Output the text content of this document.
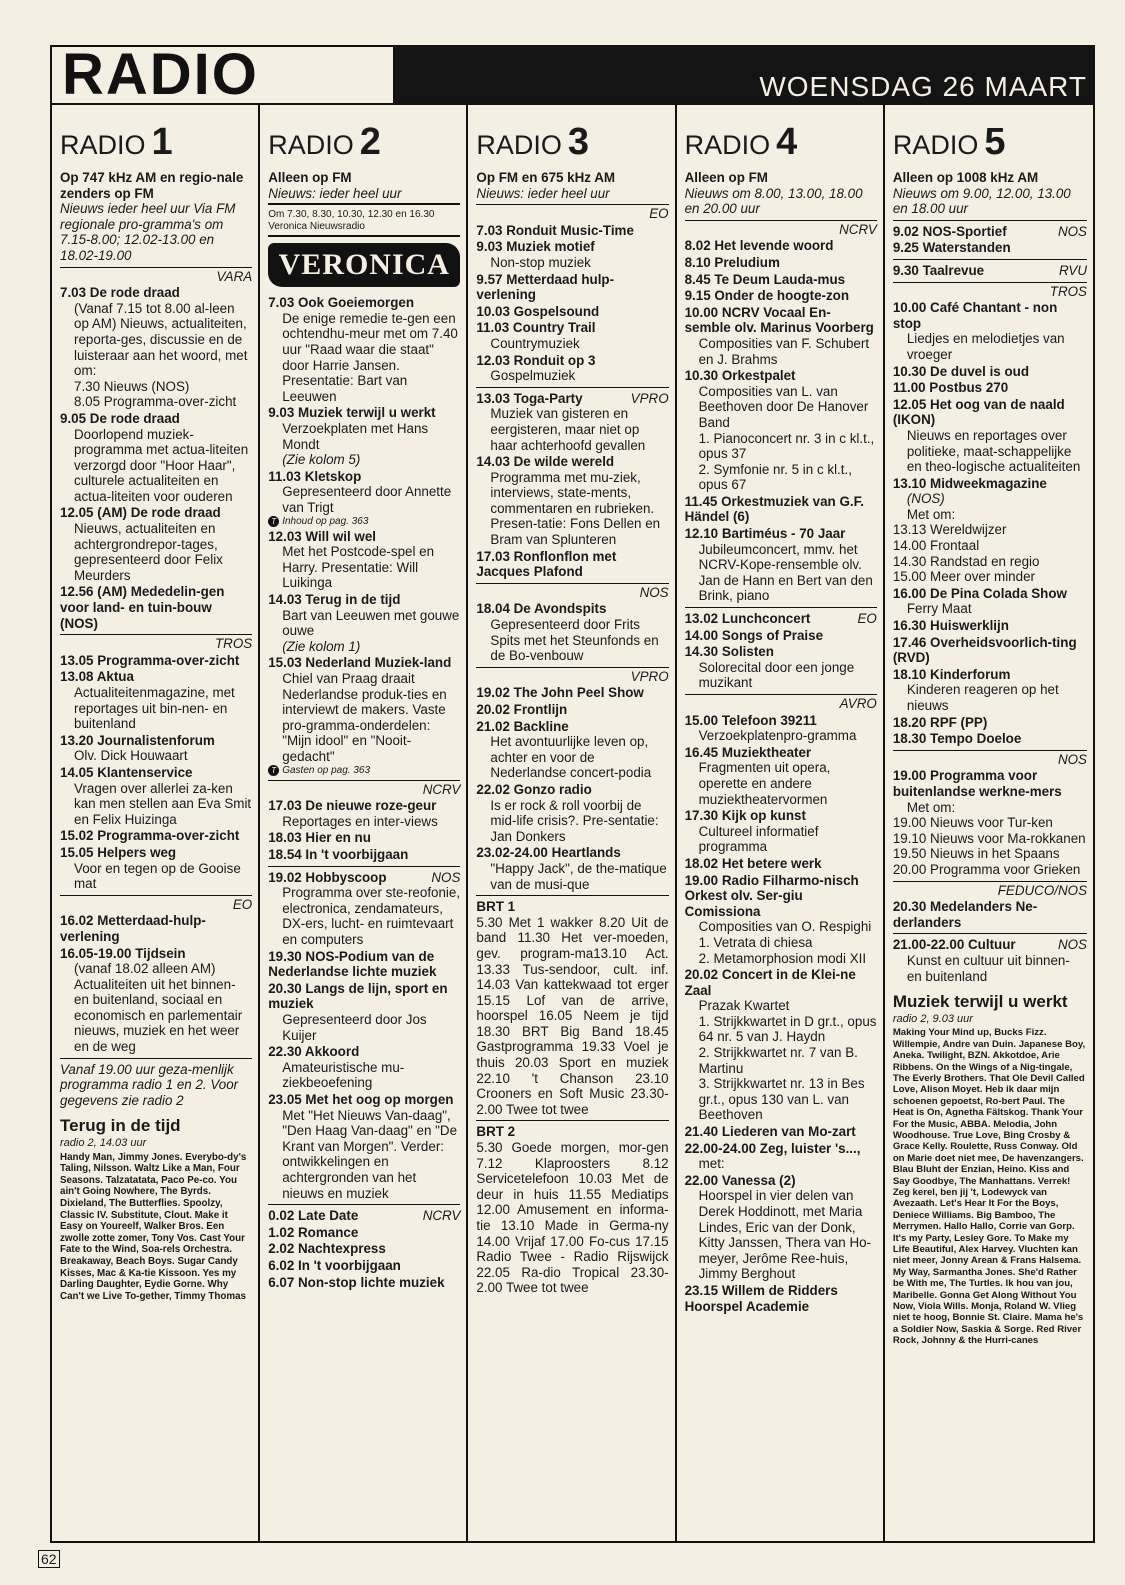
RADIO	WOENSDAG 26 MAART
RADIO 1
Op 747 kHz AM en regio-nale zenders op FM
Nieuws ieder heel uur Via FM regionale pro-gramma's om 7.15-8.00; 12.02-13.00 en 18.02-19.00
VARA
7.03 De rode draad
(Vanaf 7.15 tot 8.00 al-leen op AM) Nieuws, actualiteiten, reporta-ges, discussie en de luisteraar aan het woord, met om:
7.30 Nieuws (NOS)
8.05 Programma-over-zicht
9.05 De rode draad
Doorlopend muziek-programma met actua-liteiten verzorgd door "Hoor Haar", culturele actualiteiten en actua-liteiten voor ouderen
12.05 (AM) De rode draad
Nieuws, actualiteiten en achtergrondrepor-tages, gepresenteerd door Felix Meurders
12.56 (AM) Mededelin-gen voor land- en tuin-bouw (NOS)
TROS
13.05 Programma-over-zicht
13.08 Aktua
Actualiteitenmagazine, met reportages uit bin-nen- en buitenland
13.20 Journalistenforum
Olv. Dick Houwaart
14.05 Klantenservice
Vragen over allerlei za-ken kan men stellen aan Eva Smit en Felix Huizinga
15.02 Programma-over-zicht
15.05 Helpers weg
Voor en tegen op de Gooise mat
EO
16.02 Metterdaad-hulp-verlening
16.05-19.00 Tijdsein
(vanaf 18.02 alleen AM) Actualiteiten uit het binnen- en buitenland, sociaal en economisch en parlementair nieuws, muziek en het weer en de weg
Vanaf 19.00 uur geza-menlijk programma radio 1 en 2. Voor gegevens zie radio 2
Terug in de tijd
radio 2, 14.03 uur

Handy Man, Jimmy Jones. Everybo-dy's Taling, Nilsson. Waltz Like a Man, Four Seasons. Talzatatata, Paco Pe-co. You ain't Going Nowhere, The Byrds. Dixieland, The Butterflies. Spoolzy, Classic IV. Substitute, Clout. Make it Easy on Youreelf, Walker Bros. Een zwolle zotte zomer, Tony Vos. Cast Your Fate to the Wind, Soa-rels Orchestra. Breakaway, Beach Boys. Sugar Candy Kisses, Mac & Ka-tie Kissoon. Yes my Darling Daughter, Eydie Gorne. Why Can't we Live To-gether, Timmy Thomas

RADIO 2
Alleen op FM
Nieuws: ieder heel uur
Om 7.30, 8.30, 10.30, 12.30 en 16.30 Veronica Nieuwsradio
VERONICA
7.03 Ook Goeiemorgen
De enige remedie te-gen een ochtendhu-meur met om 7.40 uur "Raad waar die staat" door Harrie Jansen. Presentatie: Bart van Leeuwen
9.03 Muziek terwijl u werkt
Verzoekplaten met Hans Mondt
(Zie kolom 5)
11.03 Kletskop
Gepresenteerd door Annette van Trigt
T Inhoud op pag. 363
12.03 Will wil wel
Met het Postcode-spel en Harry. Presentatie: Will Luikinga
14.03 Terug in de tijd
Bart van Leeuwen met gouwe ouwe
(Zie kolom 1)
15.03 Nederland Muziek-land
Chiel van Praag draait Nederlandse produk-ties en interviewt de makers. Vaste pro-gramma-onderdelen: "Mijn idool" en "Nooit-gedacht"
T Gasten op pag. 363
NCRV
17.03 De nieuwe roze-geur
Reportages en inter-views
18.03 Hier en nu
18.54 In 't voorbijgaan
19.02 Hobbyscoop	NOS
Programma over ste-reofonie, electronica, zendamateurs, DX-ers, lucht- en ruimtevaart en computers
19.30 NOS-Podium van de Nederlandse lichte muziek
20.30 Langs de lijn, sport en muziek
Gepresenteerd door Jos Kuijer
22.30 Akkoord
Amateuristische mu-ziekbeoefening
23.05 Met het oog op morgen
Met "Het Nieuws Van-daag", "Den Haag Van-daag" en "De Krant van Morgen". Verder: ontwikkelingen en achtergronden van het nieuws en muziek
0.02 Late Date	NCRV
1.02 Romance
2.02 Nachtexpress
6.02 In 't voorbijgaan
6.07 Non-stop lichte muziek
RADIO 3
Op FM en 675 kHz AM
Nieuws: ieder heel uur
EO
7.03 Ronduit Music-Time
9.03 Muziek motief
Non-stop muziek
9.57 Metterdaad hulp-verlening
10.03 Gospelsound
11.03 Country Trail
Countrymuziek
12.03 Ronduit op 3
Gospelmuziek
13.03 Toga-Party	VPRO
Muziek van gisteren en eergisteren, maar niet op haar achterhoofd gevallen
14.03 De wilde wereld
Programma met mu-ziek, interviews, state-ments, commentaren en rubrieken. Presen-tatie: Fons Dellen en Bram van Splunteren
17.03 Ronflonflon met Jacques Plafond
NOS
18.04 De Avondspits
Gepresenteerd door Frits Spits met het Steunfonds en de Bo-venbouw
VPRO
19.02 The John Peel Show
20.02 Frontlijn
21.02 Backline
Het avontuurlijke leven op, achter en voor de Nederlandse concert-podia
22.02 Gonzo radio
Is er rock & roll voorbij de mid-life crisis?. Pre-sentatie: Jan Donkers
23.02-24.00 Heartlands
"Happy Jack", de the-matique van de musi-que
BRT 1
5.30 Met 1 wakker 8.20 Uit de band 11.30 Het ver-moeden, gev. program-ma13.10 Act. 13.33 Tus-sendoor, cult. inf. 14.03 Van kattekwaad tot erger 15.15 Lof van de arrive, hoorspel 16.05 Neem je tijd 18.30 BRT Big Band 18.45 Gastprogramma 19.33 Voel je thuis 20.03 Sport en muziek 22.10 't Chanson 23.10 Crooners en Soft Music 23.30-2.00 Twee tot twee
BRT 2
5.30 Goede morgen, mor-gen 7.12 Klaproosters 8.12 Servicetelefoon 10.03 Met de deur in huis 11.55 Mediatips 12.00 Amusement en informa-tie 13.10 Made in Germa-ny 14.00 Vrijaf 17.00 Fo-cus 17.15 Radio Twee - Radio Rijswijck 22.05 Ra-dio Tropical 23.30-2.00 Twee tot twee
RADIO 4
Alleen op FM
Nieuws om 8.00, 13.00, 18.00 en 20.00 uur
NCRV
8.02 Het levende woord
8.10 Preludium
8.45 Te Deum Lauda-mus
9.15 Onder de hoogte-zon
10.00 NCRV Vocaal En-semble olv. Marinus Voorberg
Composities van F. Schubert en J. Brahms
10.30 Orkestpalet
Composities van L. van Beethoven door De Hanover Band
1. Pianoconcert nr. 3 in c kl.t., opus 37
2. Symfonie nr. 5 in c kl.t., opus 67
11.45 Orkestmuziek van G.F. Händel (6)
12.10 Bartiméus - 70 Jaar
Jubileumconcert, mmv. het NCRV-Kope-rensemble olv. Jan de Hann en Bert van den Brink, piano
13.02 Lunchconcert	EO
14.00 Songs of Praise
14.30 Solisten
Solorecital door een jonge muzikant
AVRO
15.00 Telefoon 39211
Verzoekplatenpro-gramma
16.45 Muziektheater
Fragmenten uit opera, operette en andere muziektheatervormen
17.30 Kijk op kunst
Cultureel informatief programma
18.02 Het betere werk
19.00 Radio Filharmo-nisch Orkest olv. Ser-giu Comissiona
Composities van O. Respighi
1. Vetrata di chiesa
2. Metamorphosion modi XII
20.02 Concert in de Klei-ne Zaal
Prazak Kwartet
1. Strijkkwartet in D gr.t., opus 64 nr. 5 van J. Haydn
2. Strijkkwartet nr. 7 van B. Martinu
3. Strijkkwartet nr. 13 in Bes gr.t., opus 130 van L. van Beethoven
21.40 Liederen van Mo-zart
22.00-24.00 Zeg, luister 's...,
met:
22.00 Vanessa (2)
Hoorspel in vier delen van Derek Hoddinott, met Maria Lindes, Eric van der Donk, Kitty Janssen, Thera van Ho-meyer, Jerôme Ree-huis, Jimmy Berghout
23.15 Willem de Ridders Hoorspel Academie
RADIO 5
Alleen op 1008 kHz AM
Nieuws om 9.00, 12.00, 13.00 en 18.00 uur
9.02 NOS-Sportief	NOS
9.25 Waterstanden
9.30 Taalrevue	RVU
TROS
10.00 Café Chantant - non stop
Liedjes en melodietjes van vroeger
10.30 De duvel is oud
11.00 Postbus 270
12.05 Het oog van de naald (IKON)
Nieuws en reportages over politieke, maat-schappelijke en theo-logische actualiteiten
13.10 Midweekmagazine
(NOS)
Met om:
13.13 Wereldwijzer
14.00 Frontaal
14.30 Randstad en regio
15.00 Meer over minder
16.00 De Pina Colada Show
Ferry Maat
16.30 Huiswerklijn
17.46 Overheidsvoorlich-ting (RVD)
18.10 Kinderforum
Kinderen reageren op het nieuws
18.20 RPF (PP)
18.30 Tempo Doeloe
NOS
19.00 Programma voor buitenlandse werkne-mers
Met om:
19.00 Nieuws voor Tur-ken
19.10 Nieuws voor Ma-rokkanen
19.50 Nieuws in het Spaans
20.00 Programma voor Grieken
FEDUCO/NOS
20.30 Medelanders Ne-derlanders
21.00-22.00 Cultuur	NOS
Kunst en cultuur uit binnen- en buitenland
Muziek terwijl u werkt
radio 2, 9.03 uur

Making Your Mind up, Bucks Fizz. Willempie, Andre van Duin. Japanese Boy, Aneka. Twilight, BZN. Akkotdoe, Arie Ribbens. On the Wings of a Nig-tingale, The Everly Brothers. That Ole Devil Called Love, Alison Moyet. Heb ik daar mijn schoenen gepoetst, Ro-bert Paul. The Heat is On, Agnetha Fältskog. Thank Your For the Music, ABBA. Melodia, John Woodhouse. True Love, Bing Crosby & Grace Kelly. Roulette, Russ Conway. Old on Marie doet niet mee, De havenzangers. Blau Bluht der Enzian, Heino. Kiss and Say Goodbye, The Manhattans. Verrek! Zeg kerel, ben jij 't, Lodewyck van Avezaath. Let's Hear It For the Boys, Deniece Williams. Big Bamboo, The Merrymen. Hallo Hallo, Corrie van Gorp. It's my Party, Lesley Gore. To Make my Life Beautiful, Alex Harvey. Vluchten kan niet meer, Jonny Arean & Frans Halsema. My Way, Sarmantha Jones. She'd Rather be With me, The Turtles. Ik hou van jou, Maribelle. Gonna Get Along Without You Now, Viola Wills. Monja, Roland W. Vlieg niet te hoog, Bonnie St. Claire. Mama he's a Soldier Now, Saskia & Sorge. Red River Rock, Johnny & the Hurri-canes

62
